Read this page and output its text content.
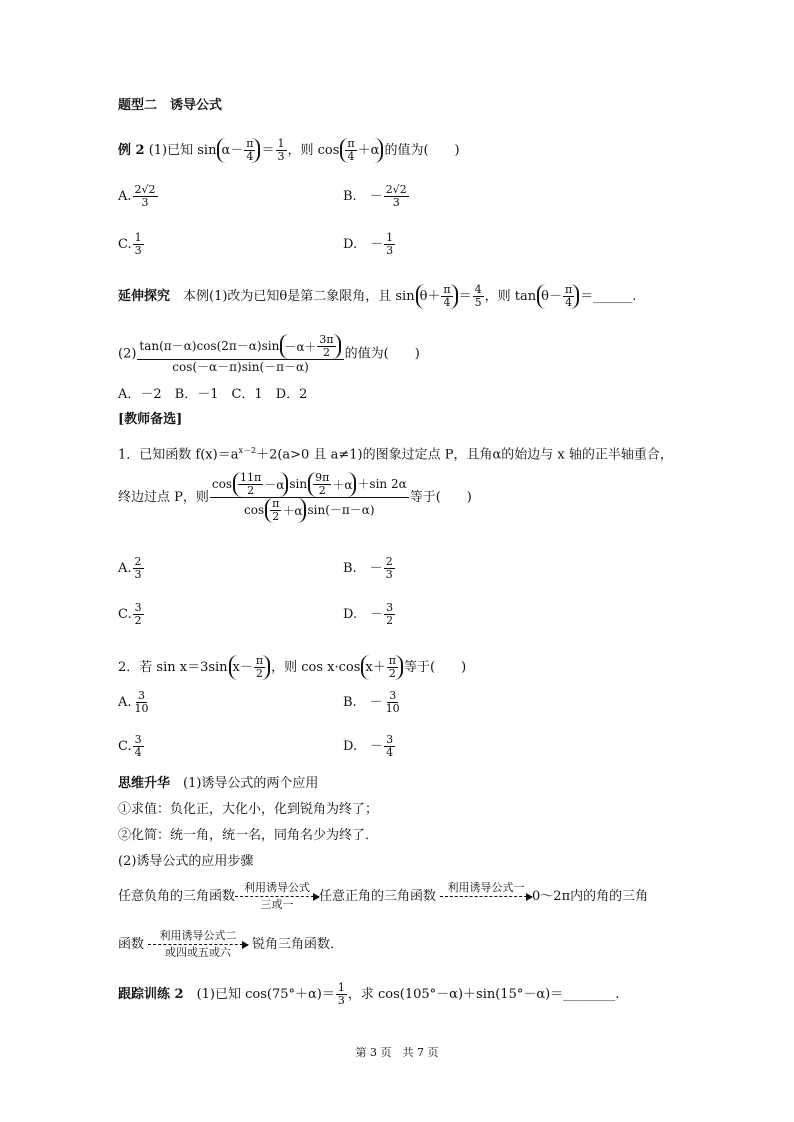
题型二　诱导公式
例 2 (1)已知 $\sin \alpha- \frac{\pi}{4} = \frac{1}{3}$ ，则 $\cos \frac{\pi}{4} +\alpha$ 的值为(　　)
A. $\frac{2√2}{3}$	B.　－ $\frac{2√2}{3}$
C. $\frac{1}{3}$	D.　－ $\frac{1}{3}$
延伸探究　本例(1)改为已知θ是第二象限角，且 $\sin \theta+ \frac{\pi}{4} = \frac{4}{5}$ ，则 $\tan \theta- \frac{\pi}{4}$ ＝______.
$(2) \frac{\tan(\pi-\alpha)\cos(2\pi-\alpha)\sin -\alpha+ \frac{3\pi}{2}}{\cos(-\alpha-\pi)\sin(-\pi-\alpha)}$ 的值为(　　)
A．－2　B．－1　C．1　D．2
[教师备选]
1．已知函数 $f(x)=a^{x-2}+2(a>0$ 且 a≠1)的图象过定点 P，且角α的始边与 x 轴的正半轴重合，
终边过点 P，则 $\frac{\cos \frac{11\pi}{2} -\alpha \sin \frac{9\pi}{2} +\alpha +\sin 2\alpha}{\cos \frac{\pi}{2} +\alpha \sin(-\pi-\alpha)}$ 等于(　　)
A. $\frac{2}{3}$	B.　－ $\frac{2}{3}$
C. $\frac{3}{2}$	D.　－ $\frac{3}{2}$
2．若 sin x＝3sin $x- \frac{\pi}{2}$ ，则 cos x·cos $x+ \frac{\pi}{2}$ 等于(　　)
A. $\frac{3}{10}$	B.　－ $\frac{3}{10}$
C. $\frac{3}{4}$	D.　－ $\frac{3}{4}$
思维升华　(1)诱导公式的两个应用
①求值：负化正，大化小，化到锐角为终了；
②化简：统一角，统一名，同角名少为终了．
(2)诱导公式的应用步骤
任意负角的三角函数
利用诱导公式
三或一
任意正角的三角函数
利用诱导公式一

0～2π内的角的三角
函数
利用诱导公式二
或四或五或六
锐角三角函数．
跟踪训练 2　(1)已知 $\cos(75^\circ+\alpha)= \frac{1}{3}$ ，求 cos(105°－α)＋sin(15°－α)＝________.
第 3 页　共 7 页
